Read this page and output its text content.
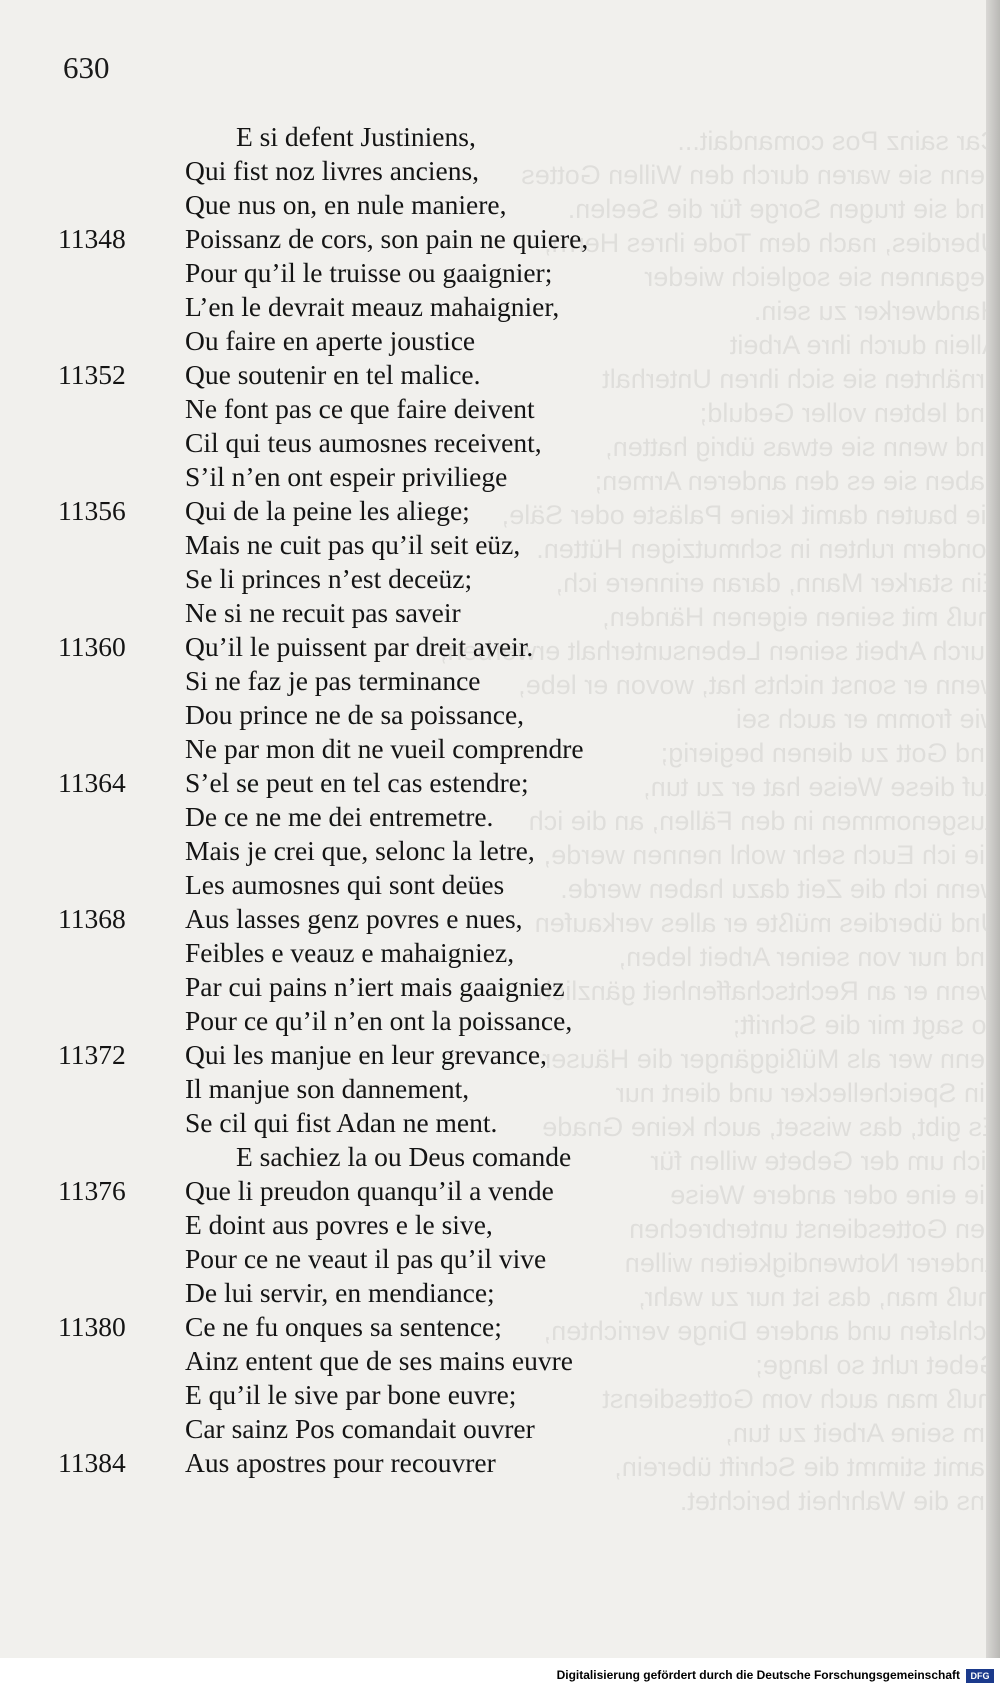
Car sainz Pos comandait...
denn sie waren durch den Willen Gottes
und sie trugen Sorge für die Seelen.
Überdies, nach dem Tode ihres Herrn,
begannen sie sogleich wieder
Handwerker zu sein.
Allein durch ihre Arbeit
ernährten sie sich ihren Unterhalt
und lebten voller Geduld;
und wenn sie etwas übrig hatten,
gaben sie es den anderen Armen;
sie bauten damit keine Paläste oder Säle,
sondern ruhten in schmutzigen Hütten.
Ein starker Mann, daran erinnere ich,
muß mit seinen eigenen Händen,
durch Arbeit seinen Lebensunterhalt erwerben,
wenn er sonst nichts hat, wovon er lebe,
wie fromm er auch sei
und Gott zu dienen begierig;
auf diese Weise hat er zu tun,
ausgenommen in den Fällen, an die ich
die ich Euch sehr wohl nennen werde,
wenn ich die Zeit dazu haben werde.
Und überdies müßte er alles verkaufen
und nur von seiner Arbeit leben,
wenn er an Rechtschaffenheit gänzlich
so sagt mir die Schrift;
denn wer als Müßiggänger die Häuser
ein Speichellecker und dient nur
Es gibt, das wisset, auch keine Gnade
sich um der Gebete willen für
die eine oder andere Weise
den Gottesdienst unterbrechen
anderer Notwendigkeiten willen
muß man, das ist nur zu wahr,
schlafen und andere Dinge verrichten,
Gebet ruht so lange;
muß man auch vom Gottesdienst
um seine Arbeit zu tun,
damit stimmt die Schrift überein,
uns die Wahrheit berichtet.
630
E si defent Justiniens,
Qui fist noz livres anciens,
Que nus on, en nule maniere,
11348	Poissanz de cors, son pain ne quiere,
Pour qu’il le truisse ou gaaignier;
L’en le devrait meauz mahaignier,
Ou faire en aperte joustice
11352	Que soutenir en tel malice.
Ne font pas ce que faire deivent
Cil qui teus aumosnes receivent,
S’il n’en ont espeir priviliege
11356	Qui de la peine les aliege;
Mais ne cuit pas qu’il seit eüz,
Se li princes n’est deceüz;
Ne si ne recuit pas saveir
11360	Qu’il le puissent par dreit aveir.
Si ne faz je pas terminance
Dou prince ne de sa poissance,
Ne par mon dit ne vueil comprendre
11364	S’el se peut en tel cas estendre;
De ce ne me dei entremetre.
Mais je crei que, selonc la letre,
Les aumosnes qui sont deües
11368	Aus lasses genz povres e nues,
Feibles e veauz e mahaigniez,
Par cui pains n’iert mais gaaigniez
Pour ce qu’il n’en ont la poissance,
11372	Qui les manjue en leur grevance,
Il manjue son dannement,
Se cil qui fist Adan ne ment.
E sachiez la ou Deus comande
11376	Que li preudon quanqu’il a vende
E doint aus povres e le sive,
Pour ce ne veaut il pas qu’il vive
De lui servir, en mendiance;
11380	Ce ne fu onques sa sentence;
Ainz entent que de ses mains euvre
E qu’il le sive par bone euvre;
Car sainz Pos comandait ouvrer
11384	Aus apostres pour recouvrer
Digitalisierung gefördert durch die Deutsche Forschungsgemeinschaft	DFG
